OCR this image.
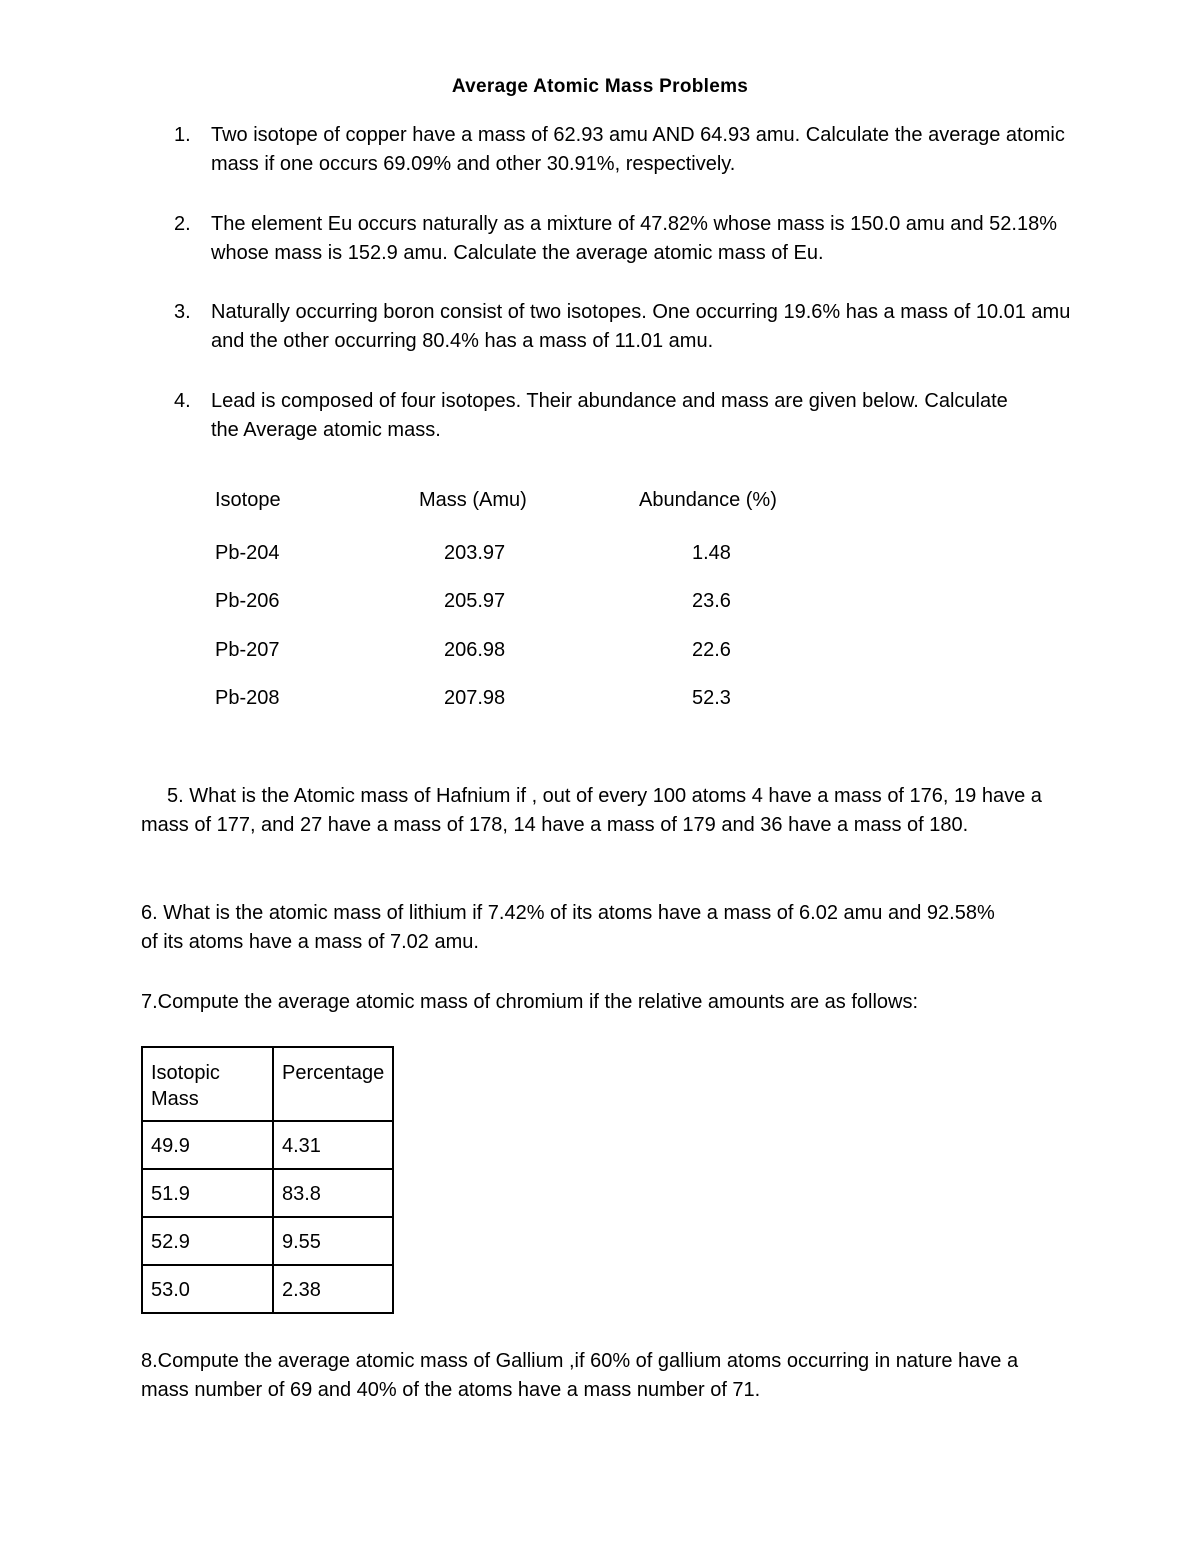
Average Atomic Mass Problems
1. Two isotope of copper have a mass of 62.93 amu AND 64.93 amu. Calculate the average atomic mass if one occurs 69.09% and other 30.91%, respectively.
2. The element Eu occurs naturally as a mixture of 47.82% whose mass is 150.0 amu and 52.18% whose mass is 152.9 amu. Calculate the average atomic mass of Eu.
3. Naturally occurring boron consist of two isotopes. One occurring 19.6% has a mass of 10.01 amu and the other occurring 80.4% has a mass of 11.01 amu.
4. Lead is composed of four isotopes. Their abundance and mass are given below. Calculate the Average atomic mass.
Isotope	Mass (Amu)	Abundance (%)
Pb-204	203.97	1.48
Pb-206	205.97	23.6
Pb-207	206.98	22.6
Pb-208	207.98	52.3
5. What is the Atomic mass of Hafnium if , out of every 100 atoms 4 have a mass of 176, 19 have a mass of 177, and 27 have a mass of 178, 14 have a mass of 179 and 36 have a mass of 180.
6. What is the atomic mass of lithium if 7.42% of its atoms have a mass of 6.02 amu and 92.58% of its atoms have a mass of 7.02 amu.
7.Compute the average atomic mass of chromium if the relative amounts are as follows:
Isotopic Mass	Percentage
49.9	4.31
51.9	83.8
52.9	9.55
53.0	2.38
8.Compute the average atomic mass of Gallium ,if 60% of gallium atoms occurring in nature have a mass number of 69 and 40% of the atoms have a mass number of 71.
